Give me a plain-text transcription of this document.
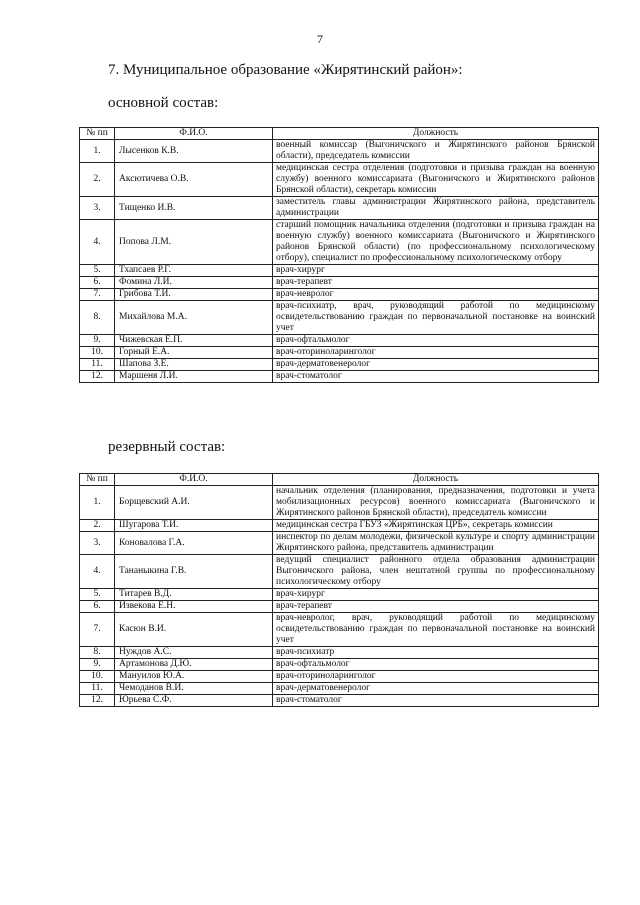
7
7. Муниципальное образование «Жирятинский район»:
основной состав:
№ пп	Ф.И.О.	Должность
1.	Лысенков К.В.	военный комиссар (Выгоничского и Жирятинского районов Брянской области), председатель комиссии
2.	Аксютичева О.В.	медицинская сестра отделения (подготовки и призыва граждан на военную службу) военного комиссариата (Выгоничского и Жирятинского районов Брянской области), секретарь комиссии
3.	Тищенко И.В.	заместитель главы администрации Жирятинского района, представитель администрации
4.	Попова Л.М.	старший помощник начальника отделения (подготовки и призыва граждан на военную службу) военного комиссариата (Выгоничского и Жирятинского районов Брянской области) (по профессиональному психологическому отбору), специалист по профессиональному психологическому отбору
5.	Тхапсаев Р.Г.	врач-хирург
6.	Фомина Л.И.	врач-терапевт
7.	Грибова Т.И.	врач-невролог
8.	Михайлова М.А.	врач-психиатр, врач, руководящий работой по медицинскому освидетельствованию граждан по первоначальной постановке на воинский учет
9.	Чижевская Е.П.	врач-офтальмолог
10.	Горный Е.А.	врач-оториноларинголог
11.	Шапова З.Е.	врач-дерматовенеролог
12.	Маршеня Л.И.	врач-стоматолог
резервный состав:
№ пп	Ф.И.О.	Должность
1.	Борщевский А.И.	начальник отделения (планирования, предназначения, подготовки и учета мобилизационных ресурсов) военного комиссариата (Выгоничского и Жирятинского районов Брянской области), председатель комиссии
2.	Шугарова Т.И.	медицинская сестра ГБУЗ «Жирятинская ЦРБ», секретарь комиссии
3.	Коновалова Г.А.	инспектор по делам молодежи, физической культуре и спорту администрации Жирятинского района, представитель администрации
4.	Тананыкина Г.В.	ведущий специалист районного отдела образования администрации Выгоничского района, член нештатной группы по профессиональному психологическому отбору
5.	Титарев В.Д.	врач-хирург
6.	Извекова Е.Н.	врач-терапевт
7.	Касюн В.И.	врач-невролог, врач, руководящий работой по медицинскому освидетельствованию граждан по первоначальной постановке на воинский учет
8.	Нуждов А.С.	врач-психиатр
9.	Артамонова Д.Ю.	врач-офтальмолог
10.	Мануилов Ю.А.	врач-оториноларинголог
11.	Чемоданов В.И.	врач-дерматовенеролог
12.	Юрьева С.Ф.	врач-стоматолог
